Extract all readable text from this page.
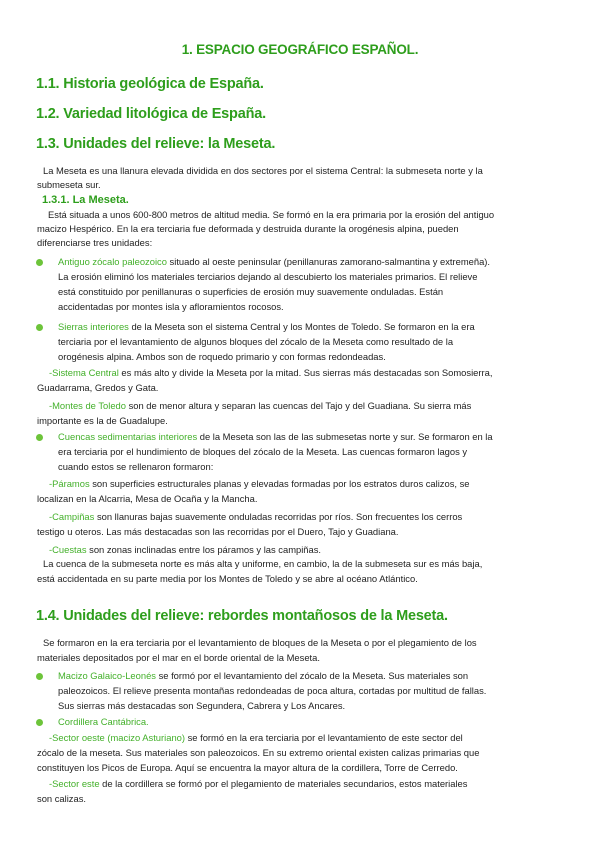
1. ESPACIO GEOGRÁFICO ESPAÑOL.
1.1. Historia geológica de España.
1.2. Variedad litológica de España.
1.3. Unidades del relieve: la Meseta.
La Meseta es una llanura elevada dividida en dos sectores por el sistema Central: la submeseta norte y la
submeseta sur.
1.3.1. La Meseta.
Está situada a unos 600-800 metros de altitud media. Se formó en la era primaria por la erosión del antiguo
macizo Hespérico. En la era terciaria fue deformada y destruida durante la orogénesis alpina, pueden
diferenciarse tres unidades:
Antiguo zócalo paleozoico situado al oeste peninsular (penillanuras zamorano-salmantina y extremeña).
La erosión eliminó los materiales terciarios dejando al descubierto los materiales primarios. El relieve
está constituido por penillanuras o superficies de erosión muy suavemente onduladas. Están
accidentadas por montes isla y afloramientos rocosos.
Sierras interiores de la Meseta son el sistema Central y los Montes de Toledo. Se formaron en la era
terciaria por el levantamiento de algunos bloques del zócalo de la Meseta como resultado de la
orogénesis alpina. Ambos son de roquedo primario y con formas redondeadas.
-Sistema Central es más alto y divide la Meseta por la mitad. Sus sierras más destacadas son Somosierra,
Guadarrama, Gredos y Gata.
-Montes de Toledo son de menor altura y separan las cuencas del Tajo y del Guadiana. Su sierra más
importante es la de Guadalupe.
Cuencas sedimentarias interiores de la Meseta son las de las submesetas norte y sur. Se formaron en la
era terciaria por el hundimiento de bloques del zócalo de la Meseta. Las cuencas formaron lagos y
cuando estos se rellenaron formaron:
-Páramos son superficies estructurales planas y elevadas formadas por los estratos duros calizos, se
localizan en la Alcarria, Mesa de Ocaña y la Mancha.
-Campiñas son llanuras bajas suavemente onduladas recorridas por ríos. Son frecuentes los cerros
testigo u oteros. Las más destacadas son las recorridas por el Duero, Tajo y Guadiana.
-Cuestas son zonas inclinadas entre los páramos y las campiñas.
La cuenca de la submeseta norte es más alta y uniforme, en cambio, la de la submeseta sur es más baja,
está accidentada en su parte media por los Montes de Toledo y se abre al océano Atlántico.
1.4. Unidades del relieve: rebordes montañosos de la Meseta.
Se formaron en la era terciaria por el levantamiento de bloques de la Meseta o por el plegamiento de los
materiales depositados por el mar en el borde oriental de la Meseta.
Macizo Galaico-Leonés se formó por el levantamiento del zócalo de la Meseta. Sus materiales son
paleozoicos. El relieve presenta montañas redondeadas de poca altura, cortadas por multitud de fallas.
Sus sierras más destacadas son Segundera, Cabrera y Los Ancares.
Cordillera Cantábrica.
-Sector oeste (macizo Asturiano) se formó en la era terciaria por el levantamiento de este sector del
zócalo de la meseta. Sus materiales son paleozoicos. En su extremo oriental existen calizas primarias que
constituyen los Picos de Europa. Aquí se encuentra la mayor altura de la cordillera, Torre de Cerredo.
-Sector este de la cordillera se formó por el plegamiento de materiales secundarios, estos materiales
son calizas.
